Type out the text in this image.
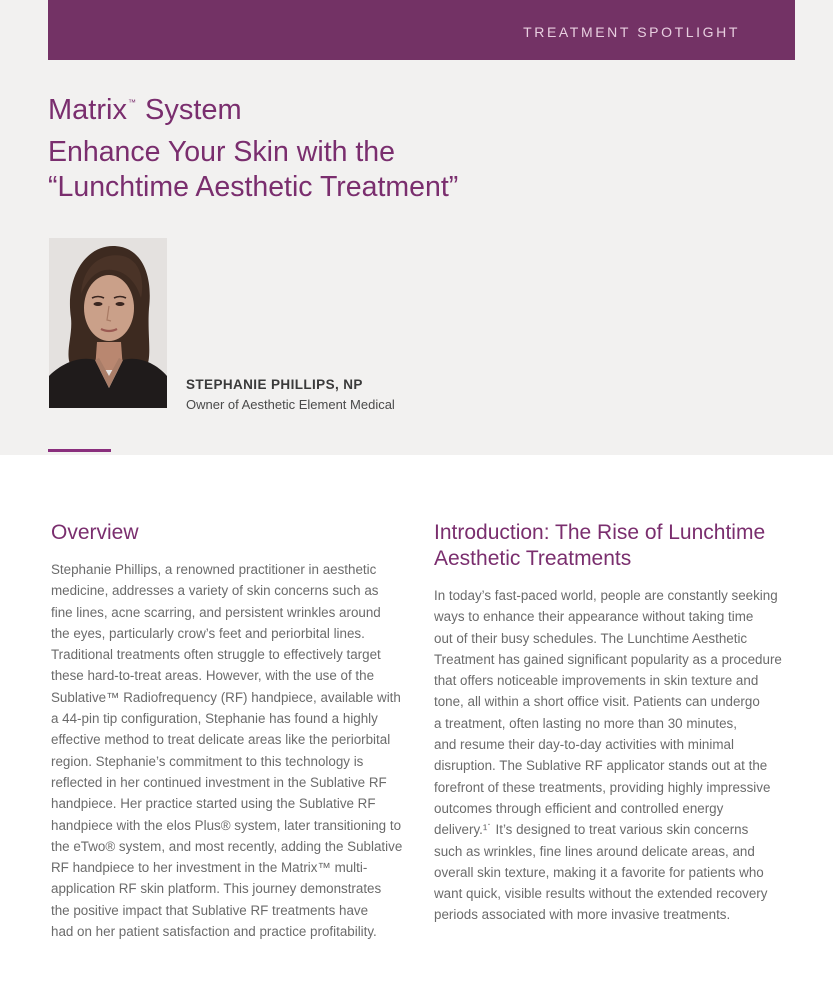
TREATMENT SPOTLIGHT
Matrix™ System
Enhance Your Skin with the
“Lunchtime Aesthetic Treatment”
STEPHANIE PHILLIPS, NP
Owner of Aesthetic Element Medical
Overview

Stephanie Phillips, a renowned practitioner in aesthetic
medicine, addresses a variety of skin concerns such as
fine lines, acne scarring, and persistent wrinkles around
the eyes, particularly crow’s feet and periorbital lines.
Traditional treatments often struggle to effectively target
these hard-to-treat areas. However, with the use of the
Sublative™ Radiofrequency (RF) handpiece, available with
a 44-pin tip configuration, Stephanie has found a highly
effective method to treat delicate areas like the periorbital
region. Stephanie’s commitment to this technology is
reflected in her continued investment in the Sublative RF
handpiece. Her practice started using the Sublative RF
handpiece with the elos Plus® system, later transitioning to
the eTwo® system, and most recently, adding the Sublative
RF handpiece to her investment in the Matrix™ multi-
application RF skin platform. This journey demonstrates
the positive impact that Sublative RF treatments have
had on her patient satisfaction and practice profitability.

Introduction: The Rise of Lunchtime
Aesthetic Treatments

In today’s fast-paced world, people are constantly seeking
ways to enhance their appearance without taking time
out of their busy schedules. The Lunchtime Aesthetic
Treatment has gained significant popularity as a procedure
that offers noticeable improvements in skin texture and
tone, all within a short office visit. Patients can undergo
a treatment, often lasting no more than 30 minutes,
and resume their day-to-day activities with minimal
disruption. The Sublative RF applicator stands out at the
forefront of these treatments, providing highly impressive
outcomes through efficient and controlled energy
delivery.¹˙ It’s designed to treat various skin concerns
such as wrinkles, fine lines around delicate areas, and
overall skin texture, making it a favorite for patients who
want quick, visible results without the extended recovery
periods associated with more invasive treatments.
